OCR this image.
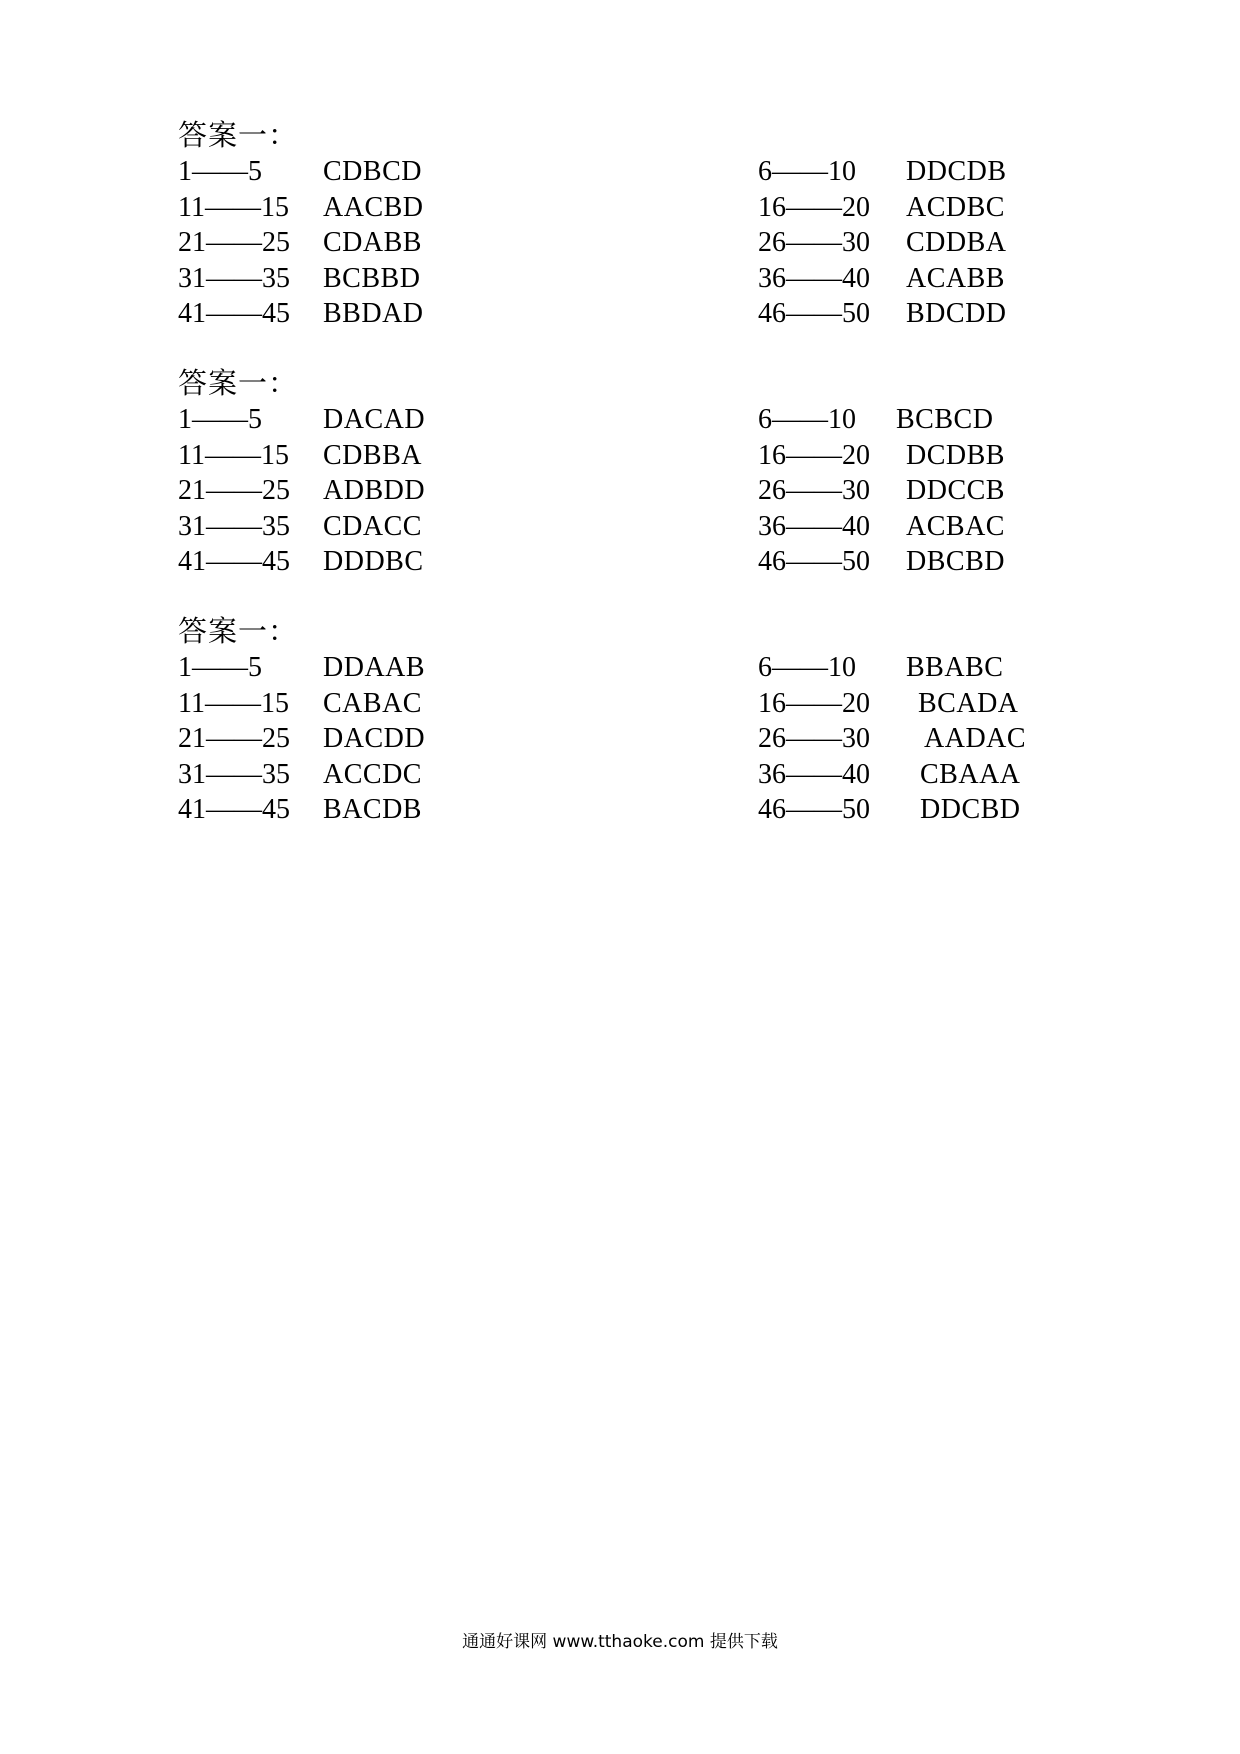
答案一：
1——5 CDBCD	6——10 DDCDB
11——15 AACBD	16——20 ACDBC
21——25 CDABB	26——30 CDDBA
31——35 BCBBD	36——40 ACABB
41——45 BBDAD	46——50 BDCDD
答案一：
1——5 DACAD	6——10 BCBCD
11——15 CDBBA	16——20 DCDBB
21——25 ADBDD	26——30 DDCCB
31——35 CDACC	36——40 ACBAC
41——45 DDDBC	46——50 DBCBD
答案一：
1——5 DDAAB	6——10 BBABC
11——15 CABAC	16——20 BCADA
21——25 DACDD	26——30 AADAC
31——35 ACCDC	36——40 CBAAA
41——45 BACDB	46——50 DDCBD
通通好课网 www.tthaoke.com 提供下载
